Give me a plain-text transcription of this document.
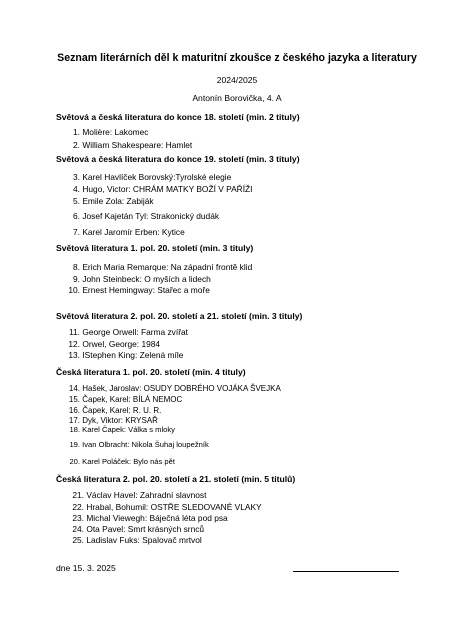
Seznam literárních děl k maturitní zkoušce z českého jazyka a literatury
2024/2025
Antonín Borovička, 4. A
Světová a česká literatura do konce 18. století (min. 2 tituly)
1. Molière: Lakomec
2. William Shakespeare: Hamlet
Světová a česká literatura do konce 19. století (min. 3 tituly)
3. Karel Havlíček Borovský:Tyrolské elegie
4. Hugo, Victor: CHRÁM MATKY BOŽÍ V PAŘÍŽI
5. Emile Zola: Zabiják
6. Josef Kajetán Tyl: Strakonický dudák
7. Karel Jaromír Erben: Kytice
Světová literatura 1. pol. 20. století (min. 3 tituly)
8. Erich Maria Remarque: Na západní frontě klid
9. John Steinbeck: O myších a lidech
10. Ernest Hemingway: Stařec a moře
Světová literatura 2. pol. 20. století a 21. století (min. 3 tituly)
11. George Orwell: Farma zvířat
12. Orwel, George: 1984
13. IStephen King: Zelená míle
Česká literatura 1. pol. 20. století (min. 4 tituly)
14. Hašek, Jaroslav: OSUDY DOBRÉHO VOJÁKA ŠVEJKA
15. Čapek, Karel: BÍLÁ NEMOC
16. Čapek, Karel: R. U. R.
17. Dyk, Viktor: KRYSAŘ
18. Karel Čapek: Válka s mloky
19. Ivan Olbracht: Nikola Šuhaj loupežník
20. Karel Poláček: Bylo nás pět
Česká literatura 2. pol. 20. století a 21. století (min. 5 titulů)
21. Václav Havel: Zahradní slavnost
22. Hrabal, Bohumil: OSTŘE SLEDOVANÉ VLAKY
23. Michal Viewegh: Báječná léta pod psa
24. Ota Pavel: Smrt krásných srnců
25. Ladislav Fuks: Spalovač mrtvol
dne 15. 3. 2025
